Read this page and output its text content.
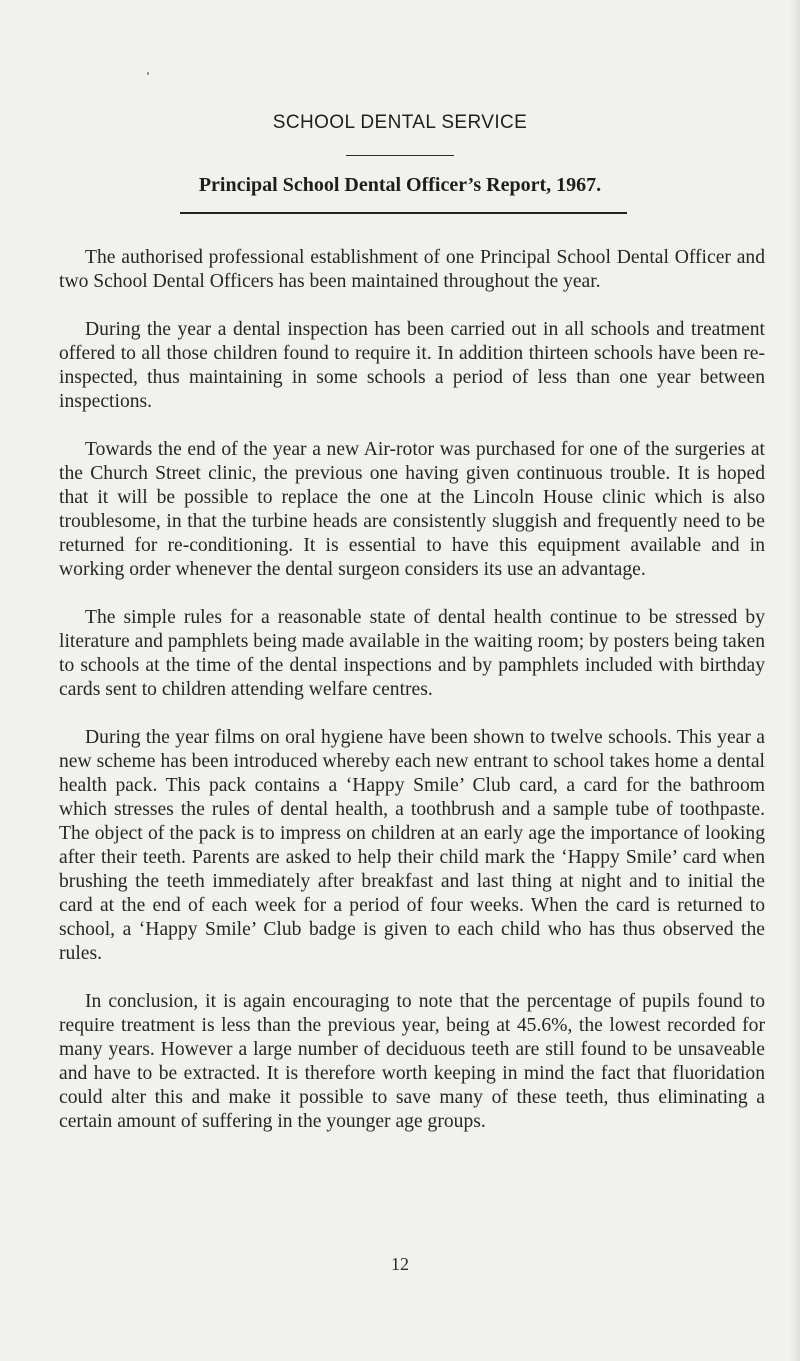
SCHOOL DENTAL SERVICE
Principal School Dental Officer’s Report, 1967.

The authorised professional establishment of one Principal School Dental Officer and two School Dental Officers has been maintained throughout the year.

During the year a dental inspection has been carried out in all schools and treatment offered to all those children found to require it. In addition thirteen schools have been re-inspected, thus maintaining in some schools a period of less than one year between inspections.

Towards the end of the year a new Air-rotor was purchased for one of the surgeries at the Church Street clinic, the previous one having given continuous trouble. It is hoped that it will be possible to replace the one at the Lincoln House clinic which is also troublesome, in that the turbine heads are consistently sluggish and frequently need to be returned for re-conditioning. It is essential to have this equipment available and in working order whenever the dental surgeon considers its use an advantage.

The simple rules for a reasonable state of dental health continue to be stressed by literature and pamphlets being made available in the waiting room; by posters being taken to schools at the time of the dental inspections and by pamphlets included with birthday cards sent to children attending welfare centres.

During the year films on oral hygiene have been shown to twelve schools. This year a new scheme has been introduced whereby each new entrant to school takes home a dental health pack. This pack contains a ‘Happy Smile’ Club card, a card for the bathroom which stresses the rules of dental health, a toothbrush and a sample tube of toothpaste. The object of the pack is to impress on children at an early age the importance of looking after their teeth. Parents are asked to help their child mark the ‘Happy Smile’ card when brushing the teeth immediately after breakfast and last thing at night and to initial the card at the end of each week for a period of four weeks. When the card is returned to school, a ‘Happy Smile’ Club badge is given to each child who has thus observed the rules.

In conclusion, it is again encouraging to note that the percentage of pupils found to require treatment is less than the previous year, being at 45.6%, the lowest recorded for many years. However a large number of deciduous teeth are still found to be unsaveable and have to be extracted. It is therefore worth keeping in mind the fact that fluoridation could alter this and make it possible to save many of these teeth, thus eliminating a certain amount of suffering in the younger age groups.

12
